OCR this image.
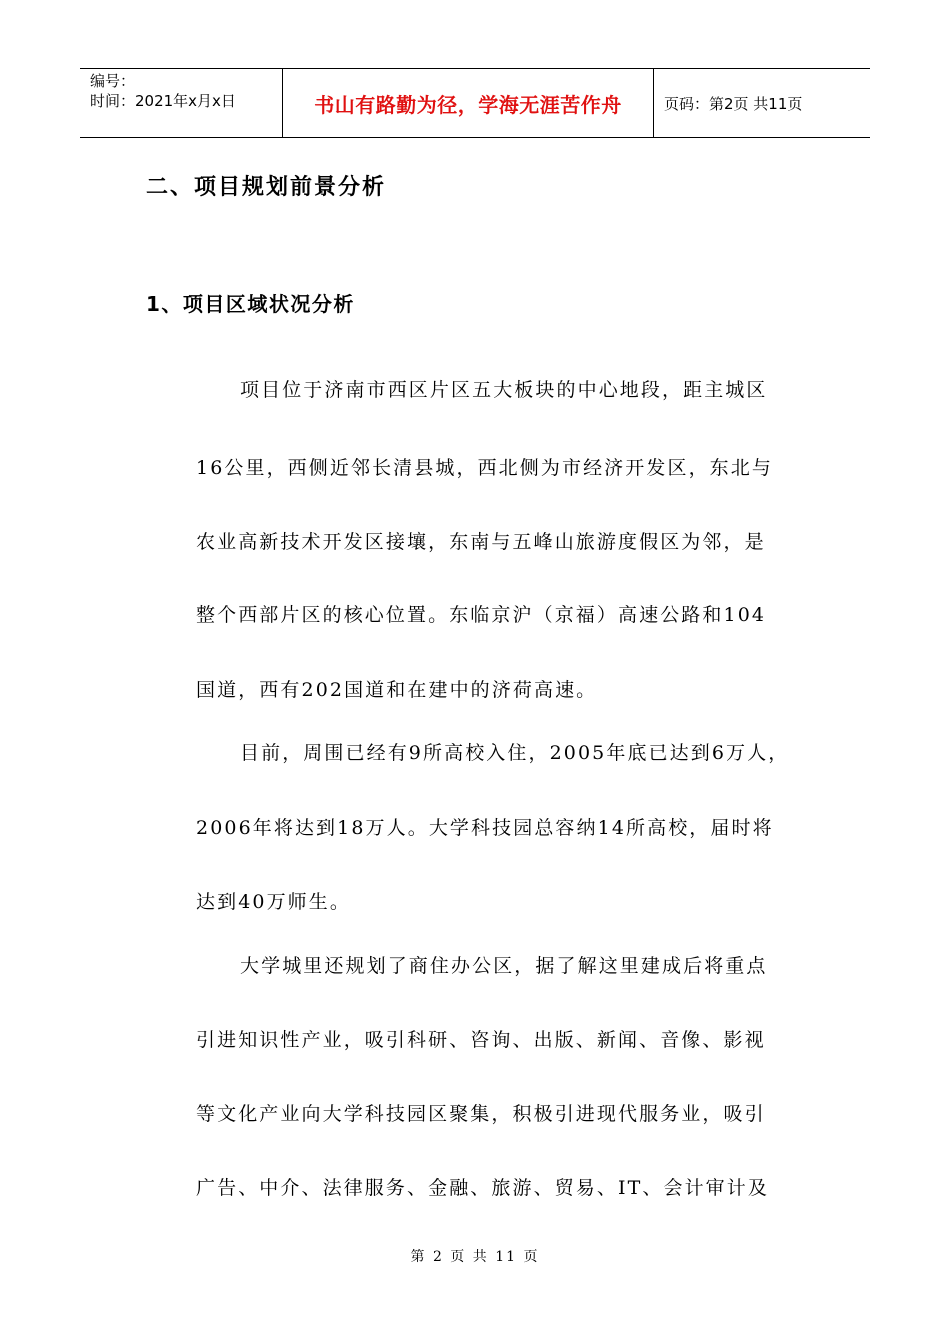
编号：
时间：2021年x月x日	书山有路勤为径，学海无涯苦作舟	页码：第2页 共11页
二、项目规划前景分析
1、项目区域状况分析
项目位于济南市西区片区五大板块的中心地段，距主城区
16公里，西侧近邻长清县城，西北侧为市经济开发区，东北与
农业高新技术开发区接壤，东南与五峰山旅游度假区为邻，是
整个西部片区的核心位置。东临京沪（京福）高速公路和104
国道，西有202国道和在建中的济荷高速。
目前，周围已经有9所高校入住，2005年底已达到6万人，
2006年将达到18万人。大学科技园总容纳14所高校，届时将
达到40万师生。
大学城里还规划了商住办公区，据了解这里建成后将重点
引进知识性产业，吸引科研、咨询、出版、新闻、音像、影视
等文化产业向大学科技园区聚集，积极引进现代服务业，吸引
广告、中介、法律服务、金融、旅游、贸易、IT、会计审计及
第 2 页 共 11 页
